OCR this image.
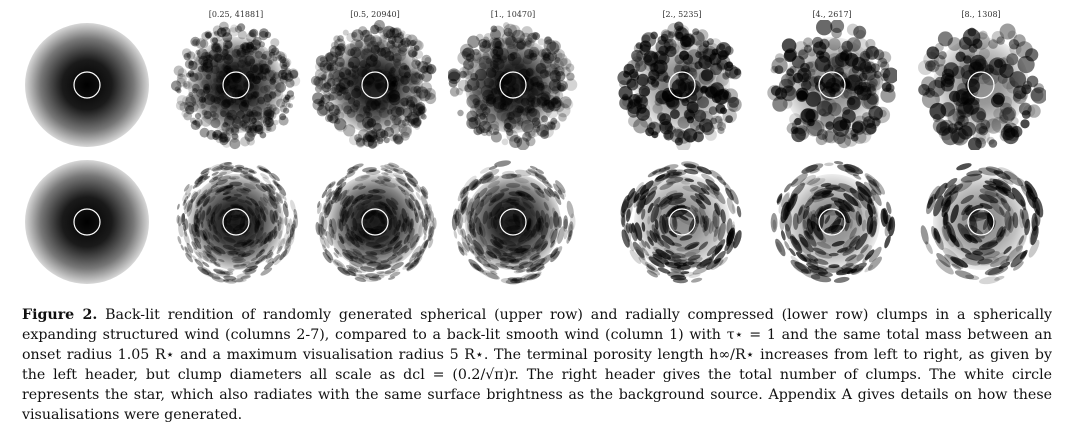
[0.25, 41881]	[0.5, 20940]	[1., 10470]	[2., 5235]	[4., 2617]	[8., 1308]
Figure 2. Back-lit rendition of randomly generated spherical (upper row) and radially compressed (lower row) clumps in a spherically expanding structured wind (columns 2-7), compared to a back-lit smooth wind (column 1) with τ⋆ = 1 and the same total mass between an onset radius 1.05 R⋆ and a maximum visualisation radius 5 R⋆. The terminal porosity length h∞/R⋆ increases from left to right, as given by the left header, but clump diameters all scale as dcl = (0.2/√π)r. The right header gives the total number of clumps. The white circle represents the star, which also radiates with the same surface brightness as the background source. Appendix A gives details on how these visualisations were generated.
